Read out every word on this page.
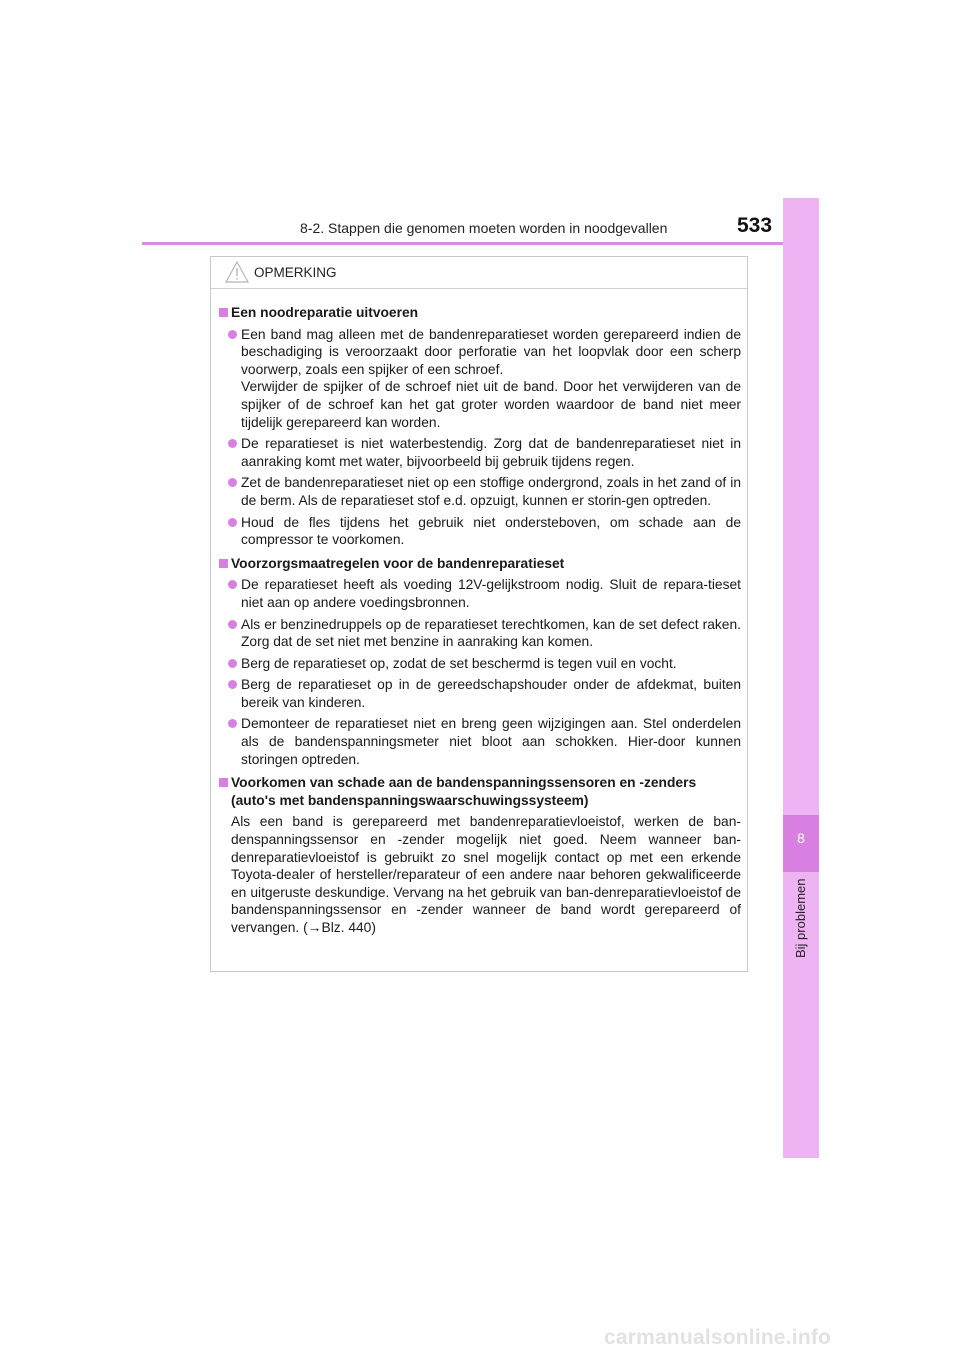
8-2. Stappen die genomen moeten worden in noodgevallen	533
8
Bij problemen
OPMERKING
Een noodreparatie uitvoeren

Een band mag alleen met de bandenreparatieset worden gerepareerd indien de beschadiging is veroorzaakt door perforatie van het loopvlak door een scherp voorwerp, zoals een spijker of een schroef.

Verwijder de spijker of de schroef niet uit de band. Door het verwijderen van de spijker of de schroef kan het gat groter worden waardoor de band niet meer tijdelijk gerepareerd kan worden.

De reparatieset is niet waterbestendig. Zorg dat de bandenreparatieset niet in aanraking komt met water, bijvoorbeeld bij gebruik tijdens regen.

Zet de bandenreparatieset niet op een stoffige ondergrond, zoals in het zand of in de berm. Als de reparatieset stof e.d. opzuigt, kunnen er storin-gen optreden.

Houd de fles tijdens het gebruik niet ondersteboven, om schade aan de compressor te voorkomen.

Voorzorgsmaatregelen voor de bandenreparatieset

De reparatieset heeft als voeding 12V-gelijkstroom nodig. Sluit de repara-tieset niet aan op andere voedingsbronnen.

Als er benzinedruppels op de reparatieset terechtkomen, kan de set defect raken. Zorg dat de set niet met benzine in aanraking kan komen.

Berg de reparatieset op, zodat de set beschermd is tegen vuil en vocht.

Berg de reparatieset op in de gereedschapshouder onder de afdekmat, buiten bereik van kinderen.

Demonteer de reparatieset niet en breng geen wijzigingen aan. Stel onderdelen als de bandenspanningsmeter niet bloot aan schokken. Hier-door kunnen storingen optreden.

Voorkomen van schade aan de bandenspanningssensoren en -zenders (auto's met bandenspanningswaarschuwingssysteem)
Als een band is gerepareerd met bandenreparatievloeistof, werken de ban-denspanningssensor en -zender mogelijk niet goed. Neem wanneer ban-denreparatievloeistof is gebruikt zo snel mogelijk contact op met een erkende Toyota-dealer of hersteller/reparateur of een andere naar behoren gekwalificeerde en uitgeruste deskundige. Vervang na het gebruik van ban-denreparatievloeistof de bandenspanningssensor en -zender wanneer de band wordt gerepareerd of vervangen. (→Blz. 440)
carmanualsonline.info
